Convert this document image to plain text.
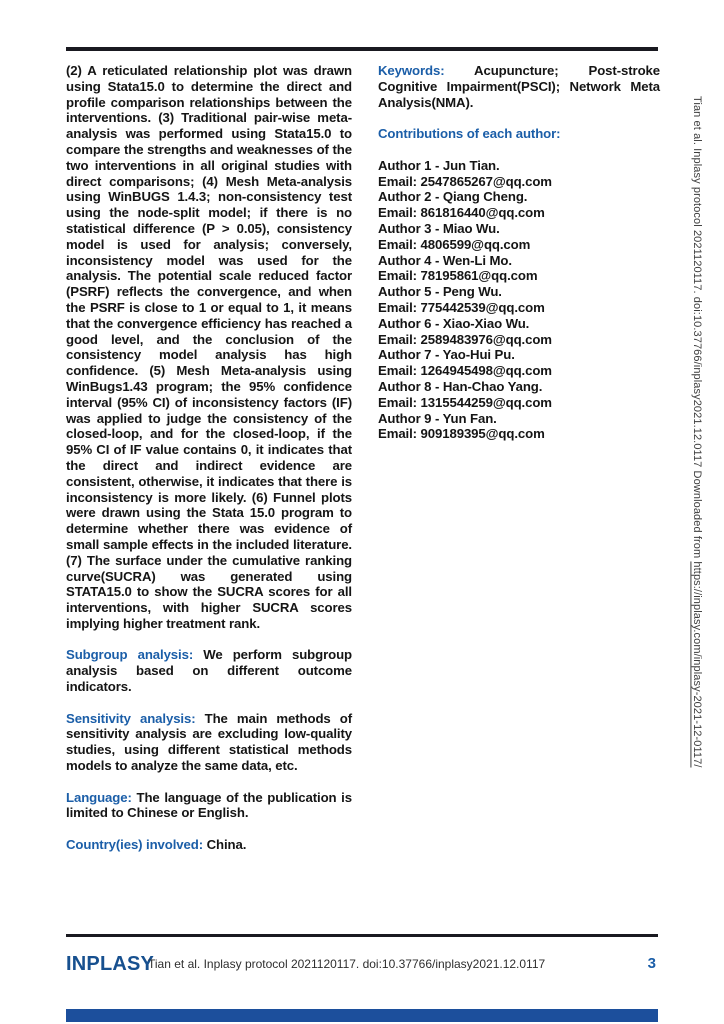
(2) A reticulated relationship plot was drawn using Stata15.0 to determine the direct and profile comparison relationships between the interventions. (3) Traditional pair-wise meta-analysis was performed using Stata15.0 to compare the strengths and weaknesses of the two interventions in all original studies with direct comparisons; (4) Mesh Meta-analysis using WinBUGS 1.4.3; non-consistency test using the node-split model; if there is no statistical difference (P > 0.05), consistency model is used for analysis; conversely, inconsistency model was used for the analysis. The potential scale reduced factor (PSRF) reflects the convergence, and when the PSRF is close to 1 or equal to 1, it means that the convergence efficiency has reached a good level, and the conclusion of the consistency model analysis has high confidence. (5) Mesh Meta-analysis using WinBugs1.43 program; the 95% confidence interval (95% CI) of inconsistency factors (IF) was applied to judge the consistency of the closed-loop, and for the closed-loop, if the 95% CI of IF value contains 0, it indicates that the direct and indirect evidence are consistent, otherwise, it indicates that there is inconsistency is more likely. (6) Funnel plots were drawn using the Stata 15.0 program to determine whether there was evidence of small sample effects in the included literature. (7) The surface under the cumulative ranking curve(SUCRA) was generated using STATA15.0 to show the SUCRA scores for all interventions, with higher SUCRA scores implying higher treatment rank.

Subgroup analysis: We perform subgroup analysis based on different outcome indicators.

Sensitivity analysis: The main methods of sensitivity analysis are excluding low-quality studies, using different statistical methods models to analyze the same data, etc.

Language: The language of the publication is limited to Chinese or English.

Country(ies) involved: China.

Keywords: Acupuncture; Post-stroke Cognitive Impairment(PSCI); Network Meta Analysis(NMA).

Contributions of each author:

Author 1 - Jun Tian.
Email: 2547865267@qq.com
Author 2 - Qiang Cheng.
Email: 861816440@qq.com
Author 3 - Miao Wu.
Email: 4806599@qq.com
Author 4 - Wen-Li Mo.
Email: 78195861@qq.com
Author 5 - Peng Wu.
Email: 775442539@qq.com
Author 6 - Xiao-Xiao Wu.
Email: 2589483976@qq.com
Author 7 - Yao-Hui Pu.
Email: 1264945498@qq.com
Author 8 - Han-Chao Yang.
Email: 1315544259@qq.com
Author 9 - Yun Fan.
Email: 909189395@qq.com	Tian et al. Inplasy protocol 2021120117. doi:10.37766/inplasy2021.12.0117 Downloaded from https://inplasy.com/inplasy-2021-12-0117/
INPLASY
Tian et al. Inplasy protocol 2021120117. doi:10.37766/inplasy2021.12.0117	3
